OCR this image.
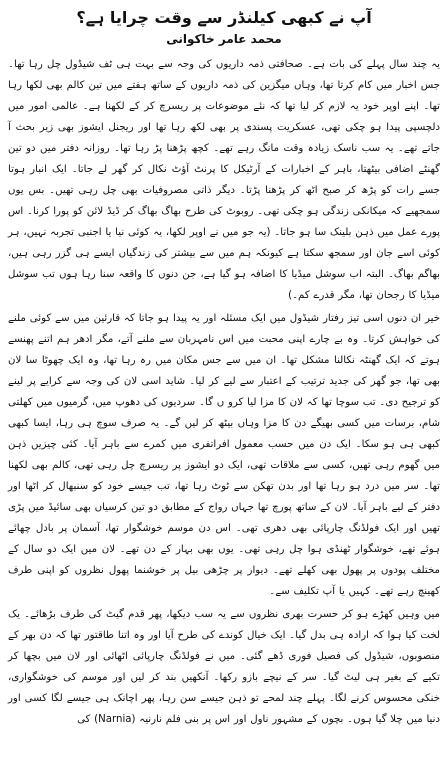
آپ نے کبھی کیلنڈر سے وقت چرایا ہے؟
محمد عامر خاکوانی

یہ چند سال پہلے کی بات ہے۔ صحافتی ذمہ داریوں کی وجہ سے بہت ہی ٹف شیڈول چل رہا تھا۔ جس اخبار میں کام کرتا تھا، وہاں میگزین کی ذمہ داریوں کے ساتھ ہفتے میں تین کالم بھی لکھا رہا تھا۔ اپنے اوپر خود یہ لازم کر لیا تھا کہ نئے موضوعات پر ریسرچ کر کے لکھنا ہے۔ عالمی امور میں دلچسپی پیدا ہو چکی تھی، عسکریت پسندی پر بھی لکھ رہا تھا اور ریجنل ایشوز بھی زیر بحث آ جاتے تھے۔ یہ سب ناسک زیادہ وقت مانگ رہے تھے۔ کچھ پڑھنا پڑ رہا تھا۔ روزانہ دفتر میں دو تین گھنٹے اضافی بیٹھتا، باہر کے اخبارات کے آرٹیکل کا پرنٹ آؤٹ نکال کر گھر لے جاتا۔ ایک انبار ہوتا جسے رات کو پڑھ کر صبح اٹھ کر پڑھنا پڑتا۔ دیگر ذاتی مصروفیات بھی چل رہی تھیں۔ بس یوں سمجھیے کہ میکانکی زندگی ہو چکی تھی۔ روبوٹ کی طرح بھاگ بھاگ کر ڈیڈ لائن کو پورا کرنا۔ اس پورے عمل میں ذہن بلینک سا ہو جاتا۔ (یہ جو میں نے اوپر لکھا، یہ کوئی نیا یا اجنبی تجربہ نہیں، ہر کوئی اسے جان اور سمجھ سکتا ہے کیونکہ ہم میں سے بیشتر کی زندگیاں ایسے ہی گزر رہی ہیں، بھاگم بھاگ۔ البتہ اب سوشل میڈیا کا اضافہ ہو گیا ہے، جن دنوں کا واقعہ سنا رہا ہوں تب سوشل میڈیا کا رجحان تھا، مگر قدرے کم۔)

خیر ان دنوں اسی تیز رفتار شیڈول میں ایک مسئلہ اور یہ پیدا ہو جاتا کہ قارئین میں سے کوئی ملنے کی خواہش کرتا۔ وہ بے چارے اپنی محبت میں اس نامہربان سے ملنے آتے، مگر ادھر ہم اتنے پھنسے ہوتے کہ ایک گھنٹہ نکالنا مشکل تھا۔ ان میں سے جس مکان میں رہ رہا تھا، وہ ایک چھوٹا سا لان بھی تھا، جو گھر کی جدید ترتیب کے اعتبار سے لیے کر لیا۔ شاید اسی لان کی وجہ سے کرایے پر لینے کو ترجیح دی۔ تب سوچا تھا کہ لان کا مزا لیا کرو ں گا۔ سردیوں کی دھوپ میں، گرمیوں میں کھلتی شام، برسات میں کسی بھیگے دن کا مزا وہاں بیٹھ کر لیں گے۔ یہ صرف سوچ ہی رہا، ایسا کبھی کبھی ہی ہو سکا۔ ایک دن میں حسب معمول افراتفری میں کمرے سے باہر آیا۔ کئی چیزیں ذہن میں گھوم رہی تھیں، کسی سے ملاقات تھی، ایک دو ایشوز پر ریسرچ چل رہی تھی، کالم بھی لکھنا تھا۔ سر میں درد ہو رہا تھا اور بدن تھکن سے ٹوٹ رہا تھا، تب جیسے خود کو سنبھال کر اٹھا اور دفتر کے لیے باہر آیا۔ لان کے ساتھ پورچ تھا جہاں رواج کے مطابق دو تین کرسیاں بھی سائیڈ میں پڑی تھیں اور ایک فولڈنگ چارپائی بھی دھری تھی۔ اس دن موسم خوشگوار تھا، آسمان پر بادل چھائے ہوئے تھے، خوشگوار ٹھنڈی ہوا چل رہی تھی۔ یوں بھی بہار کے دن تھے۔ لان میں ایک دو سال کے مختلف پودوں پر پھول بھی کھلے تھے۔ دیوار پر چڑھی بیل پر خوشنما پھول نظروں کو اپنی طرف کھینچ رہے تھے۔ کہیں یا آپ تکلیف سے۔

میں وہیں کھڑے ہو کر حسرت بھری نظروں سے یہ سب دیکھا، پھر قدم گیٹ کی طرف بڑھائے۔ یک لخت کیا ہوا کہ ارادہ ہی بدل گیا۔ ایک خیال کوندے کی طرح آیا اور وہ اتنا طاقتور تھا کہ دن بھر کے منصوبوں، شیڈول کی فصیل فوری ڈھے گئی۔ میں نے فولڈنگ چارپائی اٹھائی اور لان میں بچھا کر تکیے کے بغیر ہی لیٹ گیا۔ سر کے نیچے بازو رکھا۔ آنکھیں بند کر لیں اور موسم کی خوشگواری، خنکی محسوس کرنے لگا۔ پہلے چند لمحے تو ذہن جیسے سن رہا، پھر اچانک ہی جیسے لگا کسی اور دنیا میں چلا گیا ہوں۔ بچوں کے مشہور ناول اور اس پر بنی فلم نارنیہ (Narnia) کی
